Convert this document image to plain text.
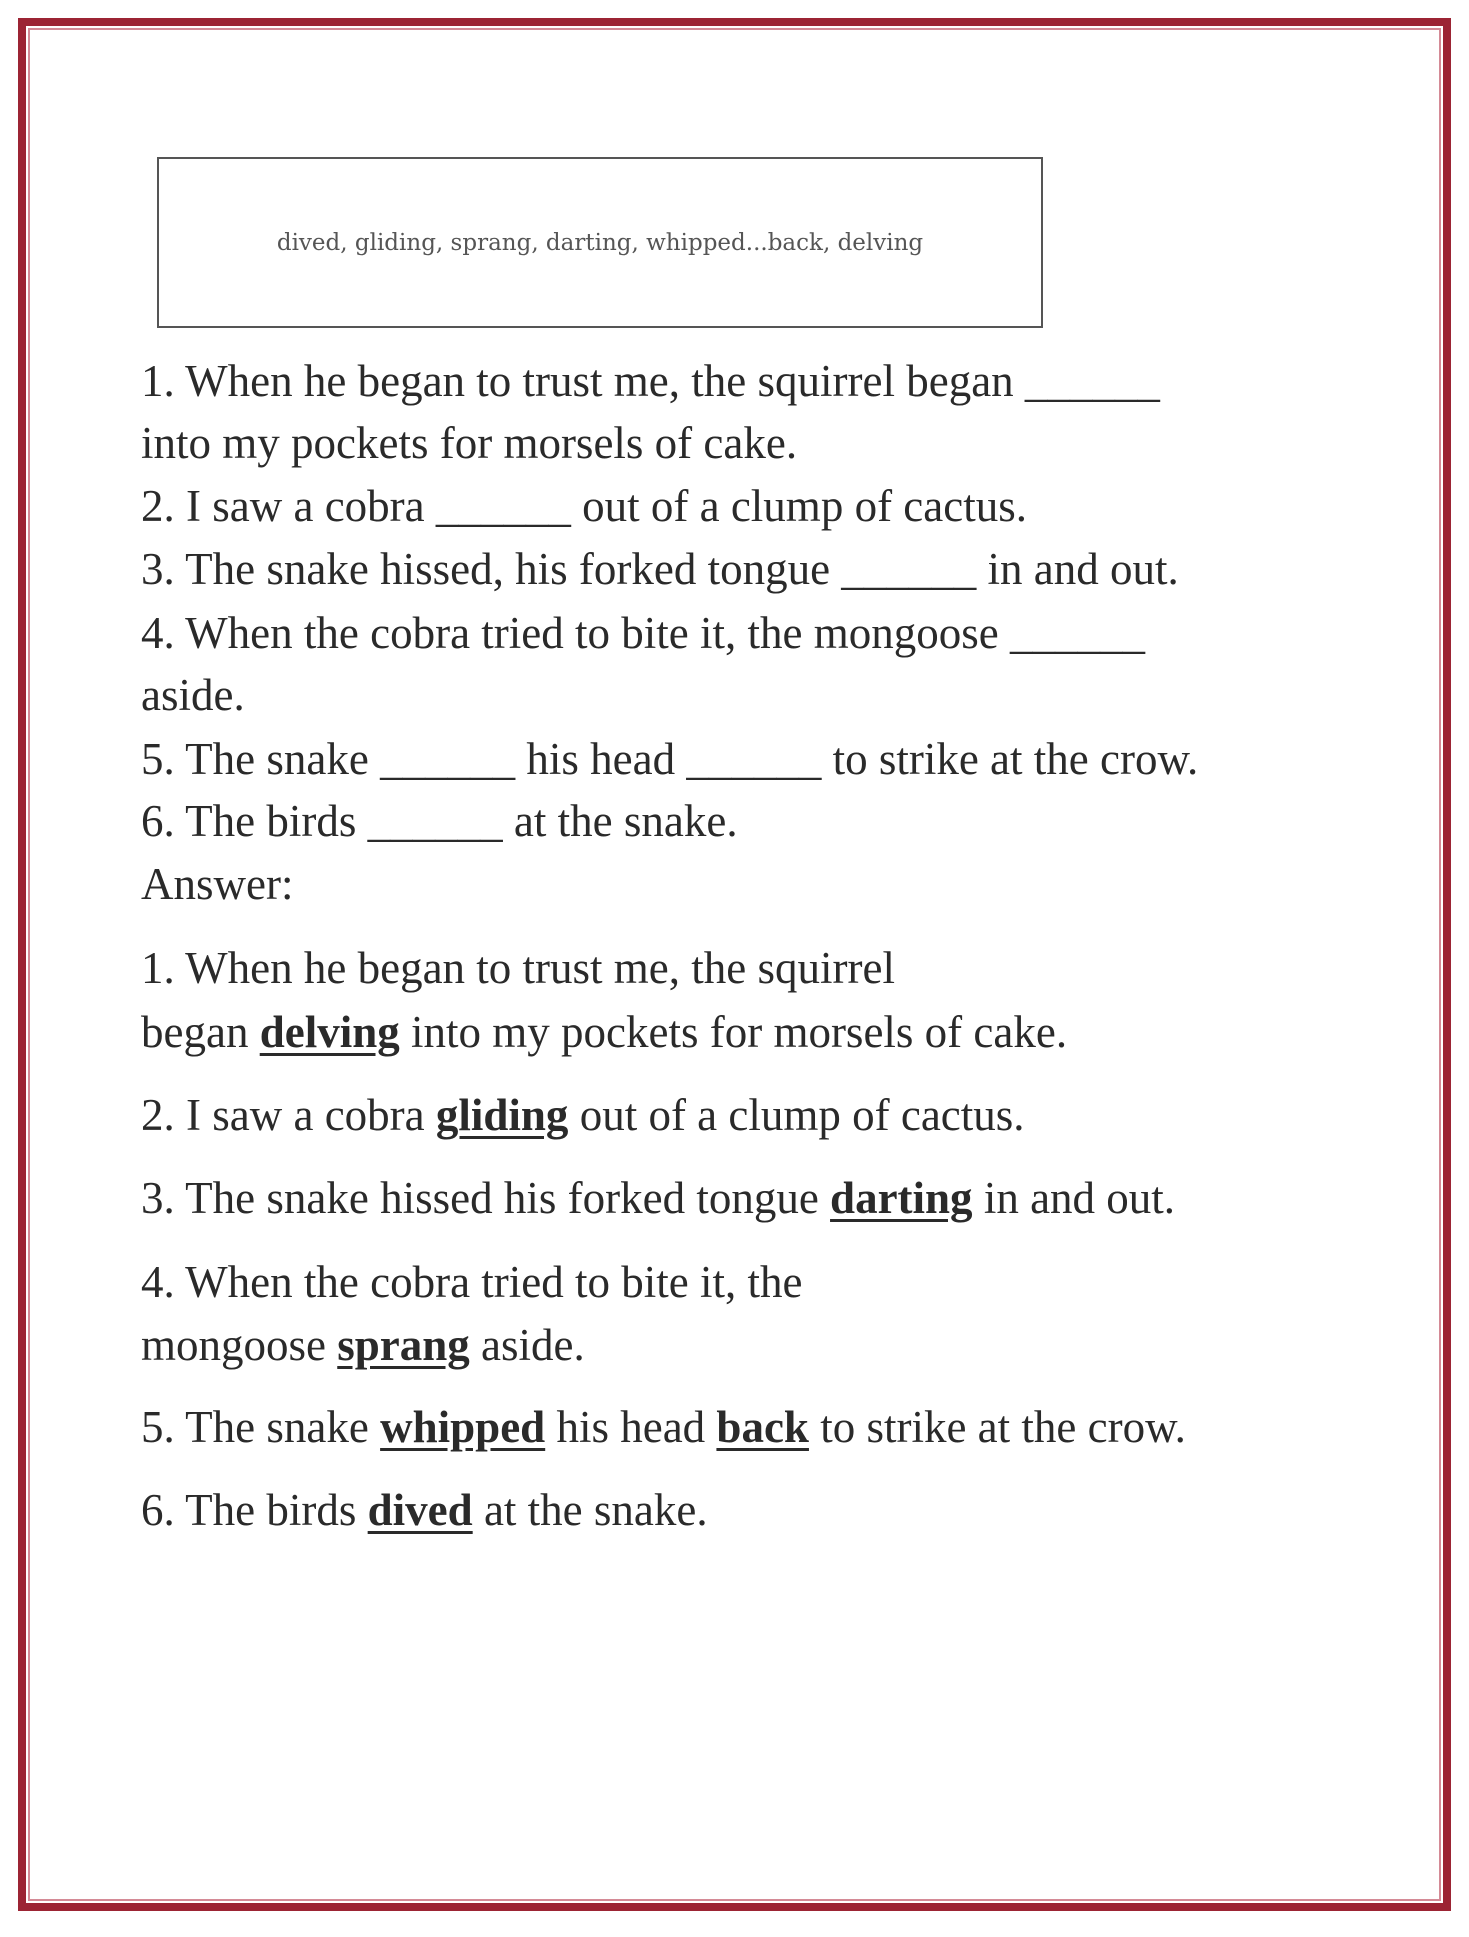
dived, gliding, sprang, darting, whipped...back, delving
1. When he began to trust me, the squirrel began ______
into my pockets for morsels of cake.
2. I saw a cobra ______ out of a clump of cactus.
3. The snake hissed, his forked tongue ______ in and out.
4. When the cobra tried to bite it, the mongoose ______
aside.
5. The snake ______ his head ______ to strike at the crow.
6. The birds ______ at the snake.
Answer:
1. When he began to trust me, the squirrel
began delving into my pockets for morsels of cake.
2. I saw a cobra gliding out of a clump of cactus.
3. The snake hissed his forked tongue darting in and out.
4. When the cobra tried to bite it, the
mongoose sprang aside.
5. The snake whipped his head back to strike at the crow.
6. The birds dived at the snake.
